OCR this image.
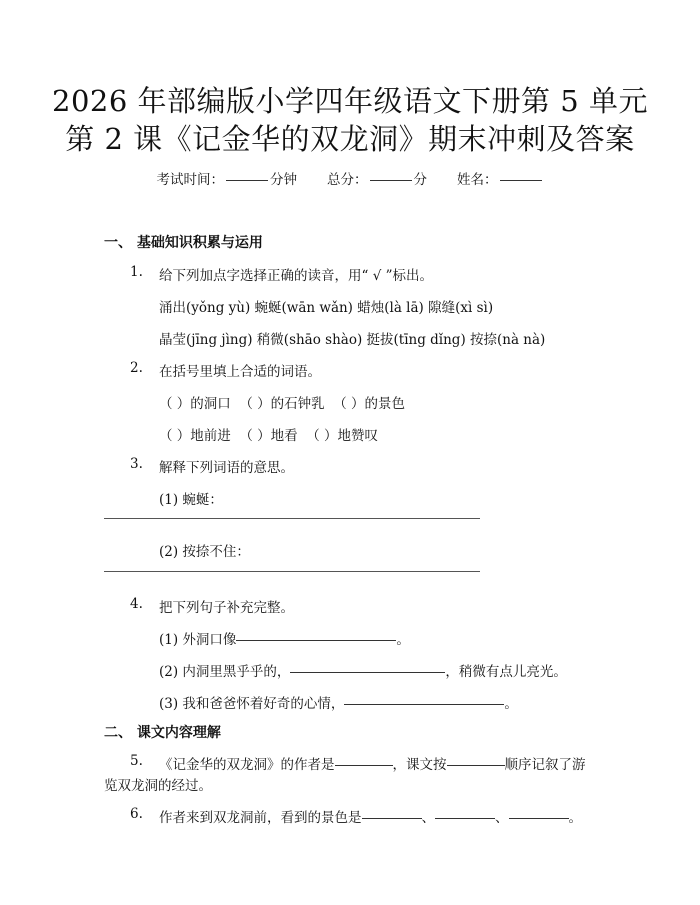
2026 年部编版小学四年级语文下册第 5 单元
第 2 课《记金华的双龙洞》期末冲刺及答案
考试时间：	分钟 总分：	分 姓名：
一、 基础知识积累与运用
1. 给下列加点字选择正确的读音，用“ √ ”标出。
涌出(yǒng yù) 蜿蜒(wān wǎn) 蜡烛(là lā) 隙缝(xì sì)
晶莹(jīng jìng) 稍微(shāo shào) 挺拔(tīng dǐng) 按捺(nà nà)
2. 在括号里填上合适的词语。
（ ）的洞口  （ ）的石钟乳  （ ）的景色
（ ）地前进  （ ）地看  （ ）地赞叹
3. 解释下列词语的意思。
(1) 蜿蜒：
(2) 按捺不住：
4. 把下列句子补充完整。
(1) 外洞口像	。
(2) 内洞里黑乎乎的，	，稍微有点儿亮光。
(3) 我和爸爸怀着好奇的心情，	。
二、 课文内容理解
5. 《记金华的双龙洞》的作者是	，课文按	顺序记叙了游
览双龙洞的经过。
6. 作者来到双龙洞前，看到的景色是	、	、	。
